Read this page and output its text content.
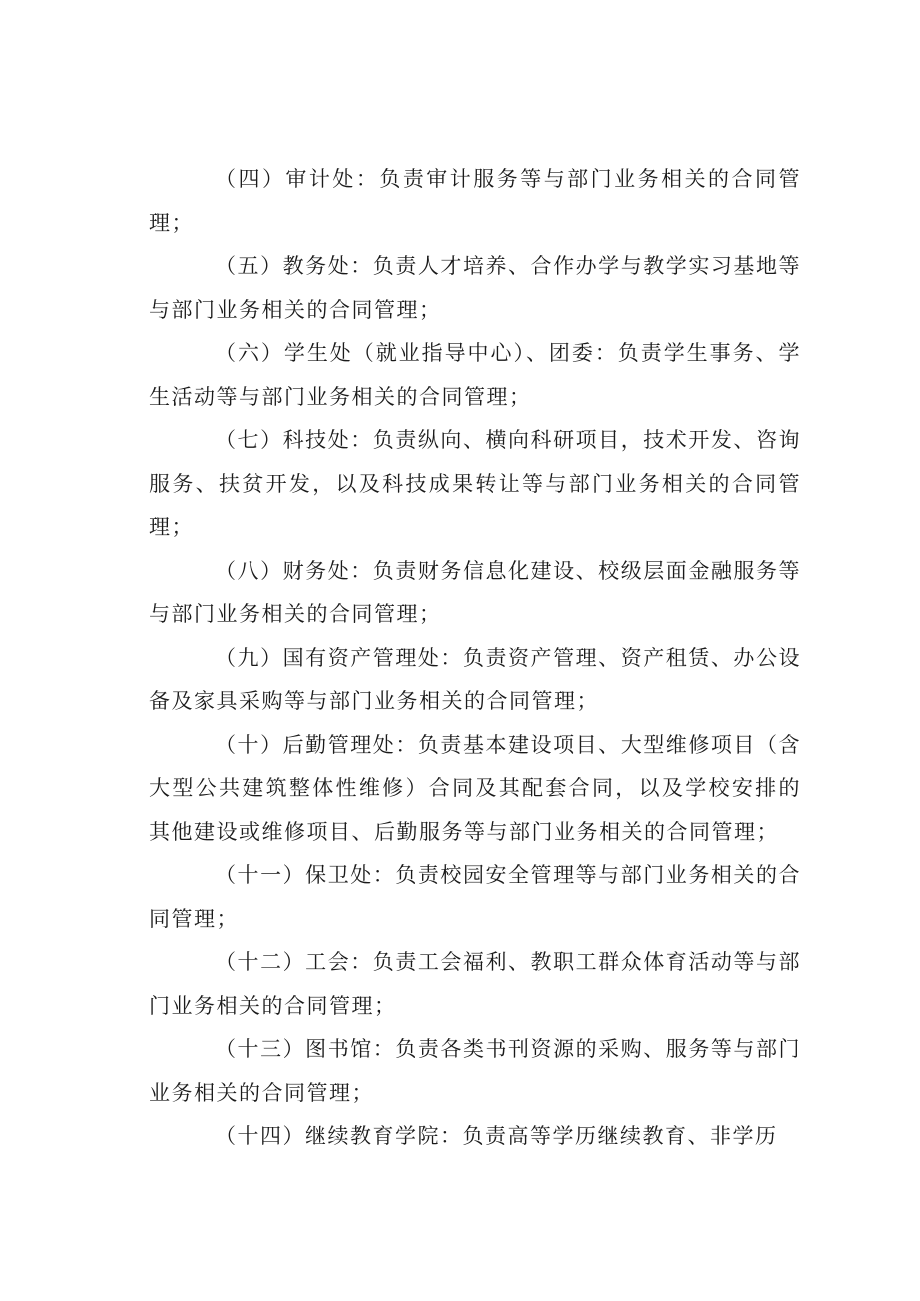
（四）审计处：负责审计服务等与部门业务相关的合同管理；

（五）教务处：负责人才培养、合作办学与教学实习基地等与部门业务相关的合同管理；

（六）学生处（就业指导中心）、团委：负责学生事务、学生活动等与部门业务相关的合同管理；

（七）科技处：负责纵向、横向科研项目，技术开发、咨询服务、扶贫开发，以及科技成果转让等与部门业务相关的合同管理；

（八）财务处：负责财务信息化建设、校级层面金融服务等与部门业务相关的合同管理；

（九）国有资产管理处：负责资产管理、资产租赁、办公设备及家具采购等与部门业务相关的合同管理；

（十）后勤管理处：负责基本建设项目、大型维修项目（含大型公共建筑整体性维修）合同及其配套合同，以及学校安排的其他建设或维修项目、后勤服务等与部门业务相关的合同管理；

（十一）保卫处：负责校园安全管理等与部门业务相关的合同管理；

（十二）工会：负责工会福利、教职工群众体育活动等与部门业务相关的合同管理；

（十三）图书馆：负责各类书刊资源的采购、服务等与部门业务相关的合同管理；

（十四）继续教育学院：负责高等学历继续教育、非学历
